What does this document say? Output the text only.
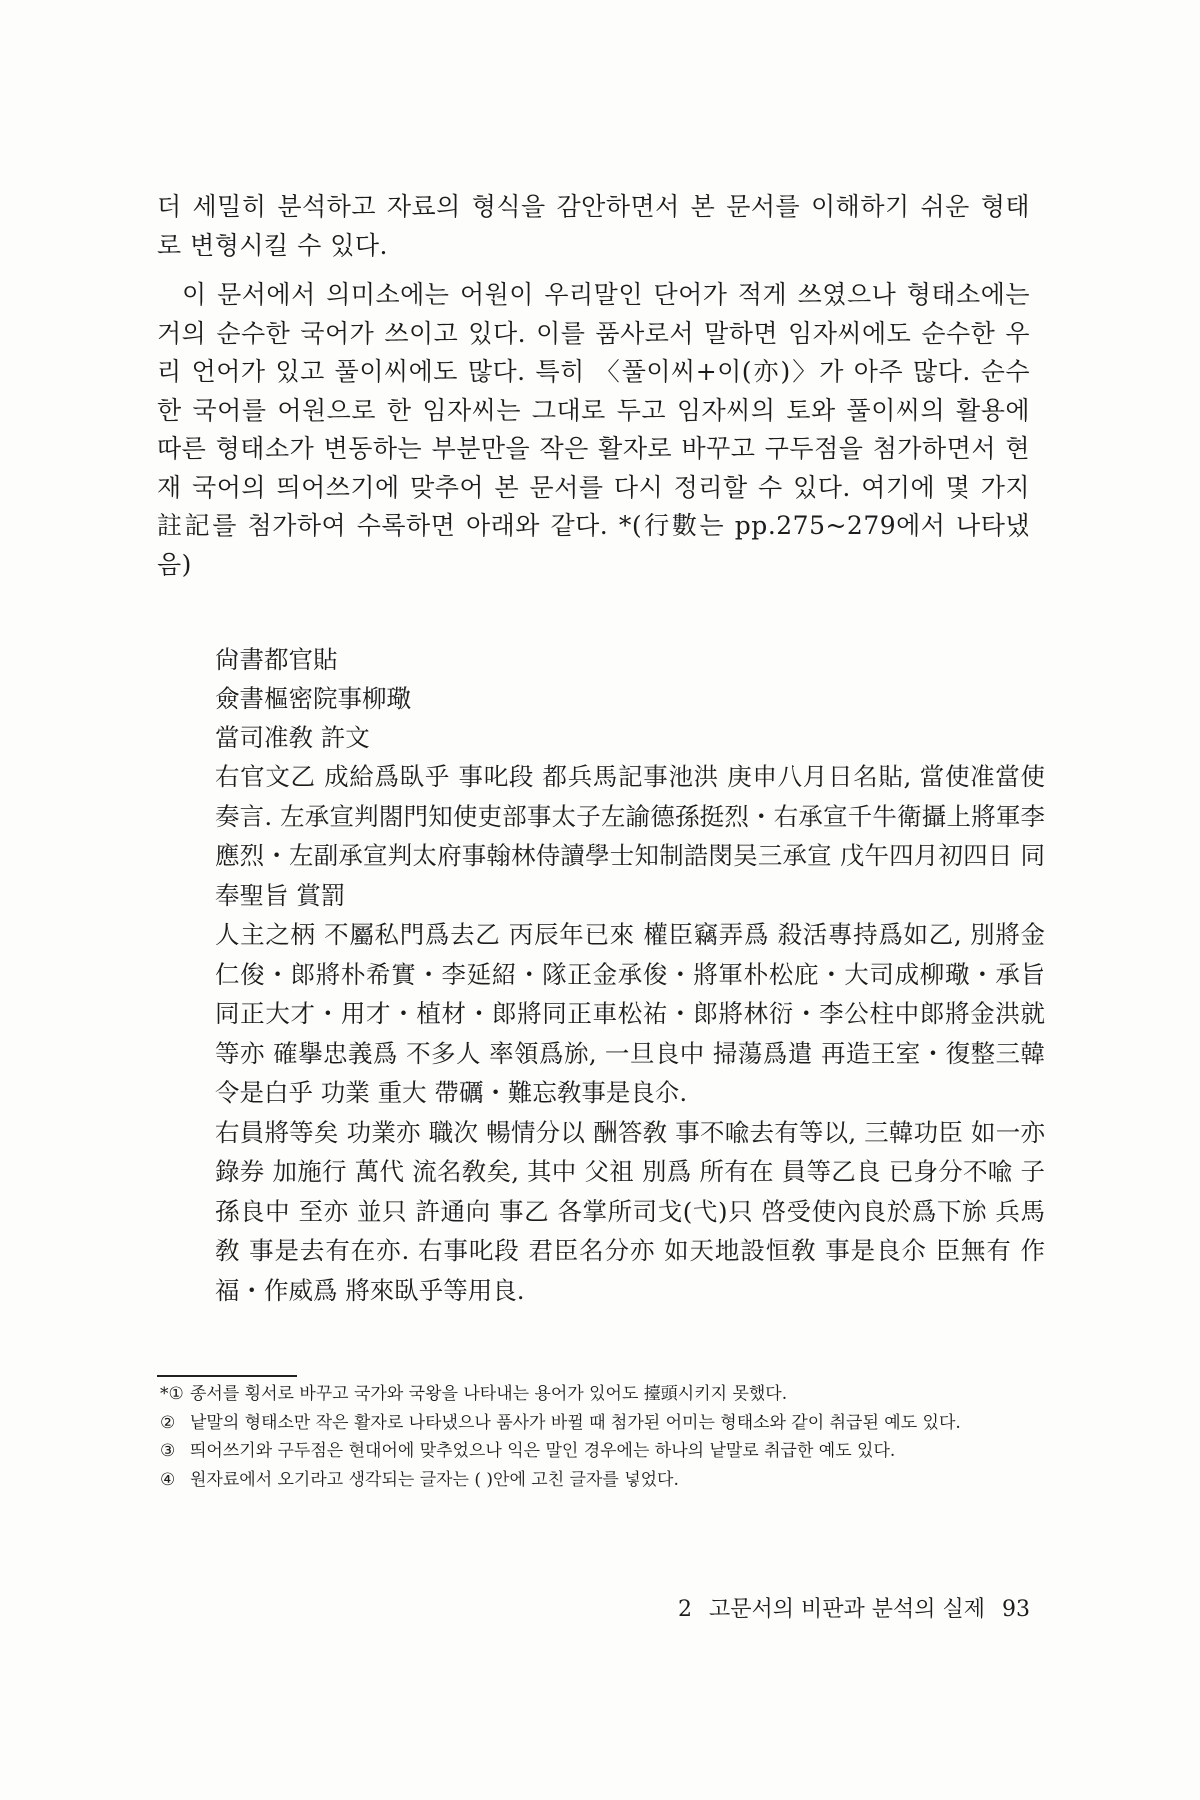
더 세밀히 분석하고 자료의 형식을 감안하면서 본 문서를 이해하기 쉬운 형태로 변형시킬 수 있다.

이 문서에서 의미소에는 어원이 우리말인 단어가 적게 쓰였으나 형태소에는 거의 순수한 국어가 쓰이고 있다. 이를 품사로서 말하면 임자씨에도 순수한 우리 언어가 있고 풀이씨에도 많다. 특히 〈풀이씨+이(亦)〉가 아주 많다. 순수한 국어를 어원으로 한 임자씨는 그대로 두고 임자씨의 토와 풀이씨의 활용에 따른 형태소가 변동하는 부분만을 작은 활자로 바꾸고 구두점을 첨가하면서 현재 국어의 띄어쓰기에 맞추어 본 문서를 다시 정리할 수 있다. 여기에 몇 가지 註記를 첨가하여 수록하면 아래와 같다. *(行數는 pp.275~279에서 나타냈음)

尙書都官貼

僉書樞密院事柳璥

當司准敎 許文

右官文乙 成給爲臥乎 事叱段 都兵馬記事池洪 庚申八月日名貼, 當使准當使奏言. 左承宣判閤門知使吏部事太子左諭德孫挺烈・右承宣千牛衛攝上將軍李應烈・左副承宣判太府事翰林侍讀學士知制誥閔吴三承宣 戊午四月初四日 同奉聖旨 賞罰

人主之柄 不屬私門爲去乙 丙辰年已來 權臣竊弄爲 殺活專持爲如乙, 別將金仁俊・郞將朴希實・李延紹・隊正金承俊・將軍朴松庇・大司成柳璥・承旨同正大才・用才・植材・郞將同正車松祐・郞將林衍・李公柱中郞將金洪就 等亦 確擧忠義爲 不多人 率領爲旀, 一旦良中 掃蕩爲遣 再造王室・復整三韓令是白乎 功業 重大 帶礪・難忘敎事是良尒.

右員將等矣 功業亦 職次 暢情分以 酬答敎 事不喩去有等以, 三韓功臣 如一亦 錄券 加施行 萬代 流名敎矣, 其中 父祖 別爲 所有在 員等乙良 已身分不喩 子孫良中 至亦 並只 許通向 事乙 各掌所司戈(弋)只 啓受使內良於爲下旀 兵馬敎 事是去有在亦. 右事叱段 君臣名分亦 如天地設恒敎 事是良尒 臣無有 作福・作威爲 將來臥乎等用良.

*① 종서를 횡서로 바꾸고 국가와 국왕을 나타내는 용어가 있어도 擡頭시키지 못했다.
② 낱말의 형태소만 작은 활자로 나타냈으나 품사가 바뀔 때 첨가된 어미는 형태소와 같이 취급된 예도 있다.
③ 띄어쓰기와 구두점은 현대어에 맞추었으나 익은 말인 경우에는 하나의 낱말로 취급한 예도 있다.
④ 원자료에서 오기라고 생각되는 글자는 ( )안에 고친 글자를 넣었다.
2 고문서의 비판과 분석의 실제 93
